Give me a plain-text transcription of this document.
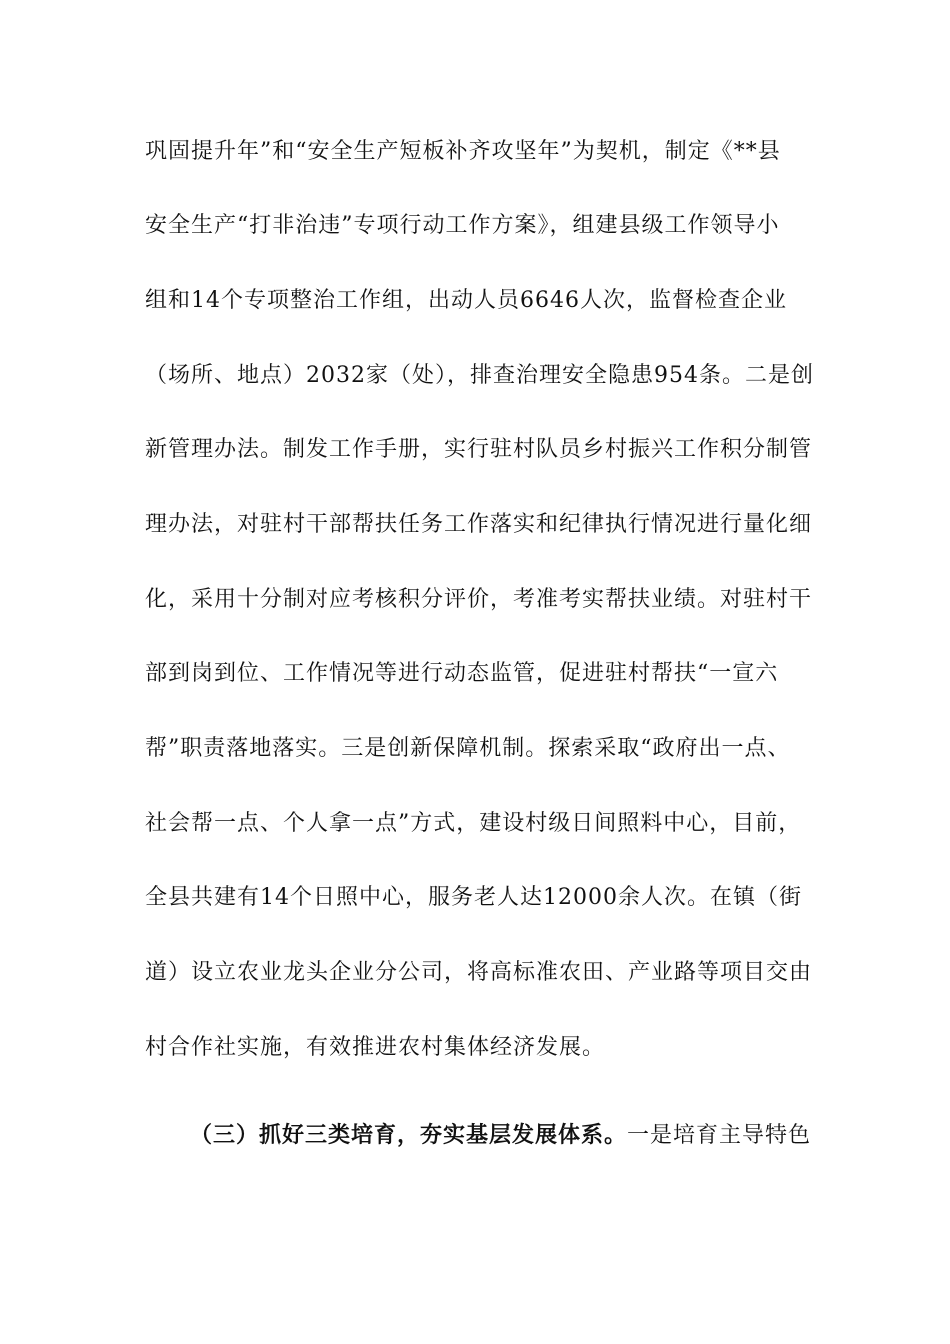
巩固提升年”和“安全生产短板补齐攻坚年”为契机，制定《**县
安全生产“打非治违”专项行动工作方案》，组建县级工作领导小
组和14个专项整治工作组，出动人员6646人次，监督检查企业
（场所、地点）2032家（处），排查治理安全隐患954条。二是创
新管理办法。制发工作手册，实行驻村队员乡村振兴工作积分制管
理办法，对驻村干部帮扶任务工作落实和纪律执行情况进行量化细
化，采用十分制对应考核积分评价，考准考实帮扶业绩。对驻村干
部到岗到位、工作情况等进行动态监管，促进驻村帮扶“一宣六
帮”职责落地落实。三是创新保障机制。探索采取“政府出一点、
社会帮一点、个人拿一点”方式，建设村级日间照料中心，目前，
全县共建有14个日照中心，服务老人达12000余人次。在镇（街
道）设立农业龙头企业分公司，将高标准农田、产业路等项目交由
村合作社实施，有效推进农村集体经济发展。
（三）抓好三类培育，夯实基层发展体系。一是培育主导特色
